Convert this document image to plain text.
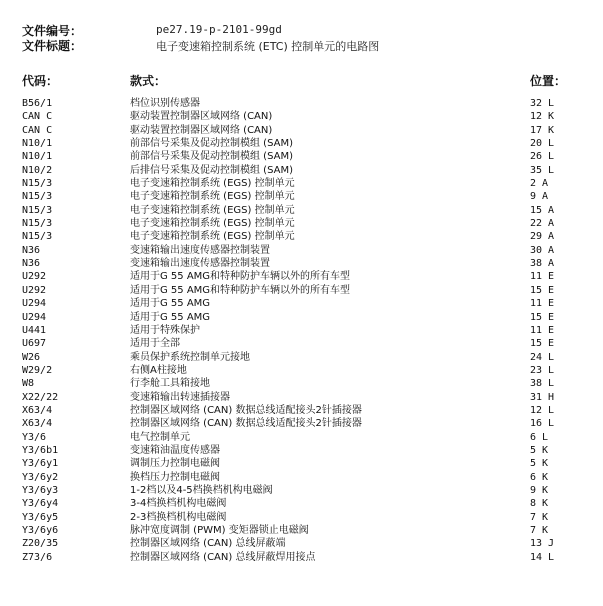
文件编号：	pe27.19-p-2101-99gd
文件标题：	电子变速箱控制系统 (ETC) 控制单元的电路图
代码：	款式：	位置：
B56/1	档位识别传感器	32 L
CAN C	驱动装置控制器区域网络 (CAN)	12 K
CAN C	驱动装置控制器区域网络 (CAN)	17 K
N10/1	前部信号采集及促动控制模组 (SAM)	20 L
N10/1	前部信号采集及促动控制模组 (SAM)	26 L
N10/2	后排信号采集及促动控制模组 (SAM)	35 L
N15/3	电子变速箱控制系统 (EGS) 控制单元	2 A
N15/3	电子变速箱控制系统 (EGS) 控制单元	9 A
N15/3	电子变速箱控制系统 (EGS) 控制单元	15 A
N15/3	电子变速箱控制系统 (EGS) 控制单元	22 A
N15/3	电子变速箱控制系统 (EGS) 控制单元	29 A
N36	变速箱输出速度传感器控制装置	30 A
N36	变速箱输出速度传感器控制装置	38 A
U292	适用于G 55 AMG和特种防护车辆以外的所有车型	11 E
U292	适用于G 55 AMG和特种防护车辆以外的所有车型	15 E
U294	适用于G 55 AMG	11 E
U294	适用于G 55 AMG	15 E
U441	适用于特殊保护	11 E
U697	适用于全部	15 E
W26	乘员保护系统控制单元接地	24 L
W29/2	右侧A柱接地	23 L
W8	行李舱工具箱接地	38 L
X22/22	变速箱输出转速插接器	31 H
X63/4	控制器区域网络 (CAN) 数据总线适配接头2针插接器	12 L
X63/4	控制器区域网络 (CAN) 数据总线适配接头2针插接器	16 L
Y3/6	电气控制单元	6 L
Y3/6b1	变速箱油温度传感器	5 K
Y3/6y1	调制压力控制电磁阀	5 K
Y3/6y2	换档压力控制电磁阀	6 K
Y3/6y3	1-2档以及4-5档换档机构电磁阀	9 K
Y3/6y4	3-4档换档机构电磁阀	8 K
Y3/6y5	2-3档换档机构电磁阀	7 K
Y3/6y6	脉冲宽度调制 (PWM) 变矩器锁止电磁阀	7 K
Z20/35	控制器区域网络 (CAN) 总线屏蔽端	13 J
Z73/6	控制器区域网络 (CAN) 总线屏蔽焊用接点	14 L
